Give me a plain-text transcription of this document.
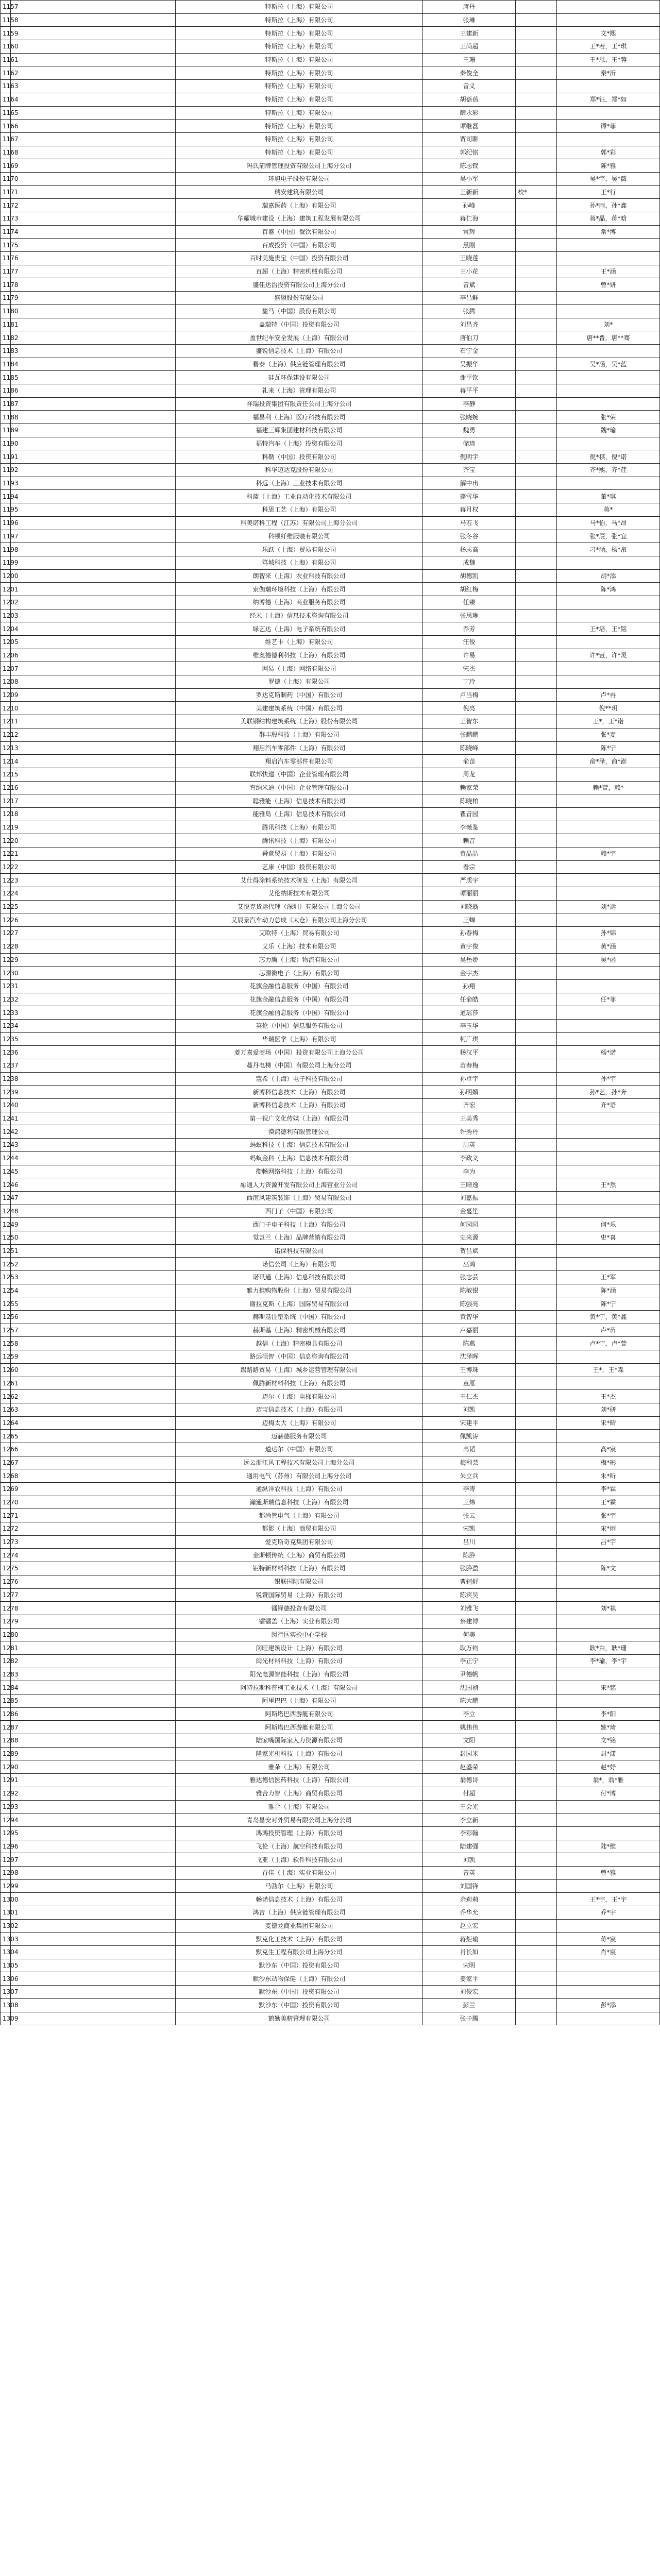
1157		特斯拉（上海）有限公司	唐丹		
1158		特斯拉（上海）有限公司	张琳		
1159		特斯拉（上海）有限公司	王建新		文*熙
1160		特斯拉（上海）有限公司	王尚超		王*若，王*琪
1161		特斯拉（上海）有限公司	王珊		王*恩，王*蓉
1162		特斯拉（上海）有限公司	秦俊全		秦*沂
1163		特斯拉（上海）有限公司	曾义		
1164		特斯拉（上海）有限公司	胡蓓蓓		郑*钰，郑*如
1165		特斯拉（上海）有限公司	薛永彩		
1166		特斯拉（上海）有限公司	谭继磊		谭*菲
1167		特斯拉（上海）有限公司	贾司聊		
1168		特斯拉（上海）有限公司	郭纪铭		郭*彩
1169		玛氏箭牌管理投资有限公司上海分公司	陈志钗		陈*雅
1170		环旭电子股份有限公司	吴小军		吴*宇，吴*薇
1171		瑞安建筑有限公司	王新新	校*	王*行
1172		瑞嘉医药（上海）有限公司	孙峰		孙*雨，孙*鑫
1173		华耀城市建设（上海）建筑工程发展有限公司	蒋仁海		蒋*晶，蒋*晗
1174		百盛（中国）餐饮有限公司	常辉		常*博
1175		百成投资（中国）有限公司	黑刚		
1176		百时美施贵宝（中国）投资有限公司	王晓莲		
1177		百超（上海）精密机械有限公司	王小花		王*涵
1178		盛佳达治投资有限公司上海分公司	曾斌		曾*妍
1179		盛盟股份有限公司	李昌鲜		
1180		盐马（中国）股份有限公司	张腾		
1181		盖瑞特（中国）投资有限公司	刘昌齐		刘*
1182		盖世纪车安全发展（上海）有限公司	唐伯刀		唐**晋，唐**骞
1183		盛锐信息技术（上海）有限公司	石宁金		
1184		碧泰（上海）供应链管理有限公司	吴振华		吴*涵，吴*蓝
1185		硅瓦环保建设有限公司	谢平钦		
1186		礼来（上海）管理有限公司	蒋平平		
1187		祥瑞投资集团有限责任公司上海分公司	李静		
1188		福昌利（上海）医疗科技有限公司	张晓婉		张*荣
1189		福建三辉集团建材科技有限公司	魏勇		魏*瑜
1190		福特汽车（上海）投资有限公司	储琦		
1191		科勒（中国）投资有限公司	倪明宇		倪*棋，倪*诺
1192		科华迈达克股份有限公司	齐宝		齐*熙，齐*荏
1193		科远（上海）工业技术有限公司	解中出		
1194		科蓝（上海）工业自动化技术有限公司	蓬雪华		董*琪
1195		科思工艺（上海）有限公司	蒋月权		蒋*
1196		科美诺科工程（江苏）有限公司上海分公司	马若飞		马*怡，马*昂
1197		科顿纤维服装有限公司	张冬谷		张*辰，张*宜
1198		乐跃（上海）贸易有限公司	杨志高		刁*涵，杨*帛
1199		笃城科技（上海）有限公司	成魏		
1200		朗智来（上海）农业科技有限公司	胡德凯		胡*添
1201		索伽瑞环境科技（上海）有限公司	胡红梅		陈*鸿
1202		纳博德（上海）商业服务有限公司	任臻		
1203		经未（上海）信息技术咨询有限公司	张思琳		
1204		绿艺达（上海）电子系统有限公司	乔芳		王*培，王*铭
1205		维艺卡（上海）有限公司	汪俊		
1206		维奥德德利科技（上海）有限公司	许易		许*萱，许*灵
1207		网易（上海）网络有限公司	宋杰		
1208		罗德（上海）有限公司	丁玲		
1209		罗达克斯制药（中国）有限公司	卢当梅		卢*冉
1210		美建建筑系统（中国）有限公司	倪亮		倪**玥
1211		美联钢结构建筑系统（上海）股份有限公司	王智东		王*，王*诺
1212		群丰殷科技（上海）有限公司	张鹏鹏		张*麦
1213		翔启汽车零部件（上海）有限公司	陈晓峰		陈*宁
1214		翔启汽车零部件有限公司	俞苗		俞*泽，俞*澎
1215		联邦快递（中国）企业管理有限公司	周龙		
1216		育纳米迪（中国）企业管理有限公司	赖家荣		赖*萱，赖*
1217		聪雅能（上海）信息技术有限公司	陈晓柏		
1218		能雅岛（上海）信息技术有限公司	瞿昔园		
1219		腾讯科技（上海）有限公司	李薇鉴		
1220		腾讯科技（上海）有限公司	赖音		
1221		舜意贸易（上海）有限公司	黄晶晶		赖*宇
1222		艺康（中国）投资有限公司	看宗		
1223		艾仕得涂料系统技术研发（上海）有限公司	严质宇		
1224		艾伦纳斯技术有限公司	谭丽丽		
1225		艾悦克货运代理（深圳）有限公司上海分公司	刘晓翁		刘*运
1226		艾辰景汽车动力总成（太仓）有限公司上海分公司	王蝉		
1227		艾欧特（上海）贸易有限公司	孙春梅		孙*锦
1228		艾乐（上海）技术有限公司	黄宇俊		黄*涵
1229		芯力腾（上海）物流有限公司	吴岳娇		吴*函
1230		芯源微电子（上海）有限公司	金宇杰		
1231		花旗金融信息服务（中国）有限公司	孙翔		
1232		花旗金融信息服务（中国）有限公司	任俞皓		任*菲
1233		花旗金融信息服务（中国）有限公司	道瑶莎		
1234		英伦（中国）信息服务有限公司	李玉华		
1235		华瑞医学（上海）有限公司	柯广琪		
1236		菱万嘉爱商场（中国）投资有限公司上海分公司	杨汉平		杨*诺
1237		蔓丹电梯（中国）有限公司上海分公司	苗春梅		
1238		蔻希（上海）电子科技有限公司	孙卓宇		孙*宇
1239		新博科信息技术（上海）有限公司	孙明媚		孙*艺，孙*奔
1240		新博科信息技术（上海）有限公司	齐宏		齐*语
1241		第一视广文化传媒（上海）有限公司	王美秀		
1242		漠鸿德利有限管理公司	许秀丹		
1243		蚂蚁科技（上海）信息技术有限公司	周英		
1244		蚂蚁金科（上海）信息技术有限公司	李政义		
1245		衡畅网络科技（上海）有限公司	李为		
1246		融通人力资源开发有限公司上海营业分公司	王晴逸		王*然
1247		西南风建筑装饰（上海）贸易有限公司	刘嘉振		
1248		西门子（中国）有限公司	金蔓笙		
1249		西门子电子科技（上海）有限公司	何园园		何*乐
1250		觉岂兰（上海）品牌营销有限公司	史来源		史*喜
1251		诺保科技有限公司	贺吕斌		
1252		诺信公司（上海）有限公司	巫鸿		
1253		诺讯通（上海）信息科技有限公司	张志芸		王*军
1254		雅力推购物股份（上海）贸易有限公司	陈敏银		陈*涵
1255		谢拉克斯（上海）国际贸易有限公司	陈强亮		陈*宁
1256		赫斯基注塑系统（中国）有限公司	黄智华		黄*宁，黄*鑫
1257		赫斯基（上海）精密机械有限公司	卢嘉丽		卢*苗
1258		越信（上海）精密模具有限公司	陈燕		卢*宁，卢*萱
1259		路远硕智（中国）信息咨询有限公司	沈泽晖		
1260		踢路路贸易（上海）城乡运营管理有限公司	王博珠		王*，王*森
1261		佩腾新材料科技（上海）有限公司	童雁		
1262		迈尔（上海）电梯有限公司	王仁杰		王*杰
1263		迈宝信息技术（上海）有限公司	刘凯		刘*研
1264		迈梅太大（上海）有限公司	宋建平		宋*晴
1265		迈赫德服务有限公司	佩凯涛		
1266		道达尔（中国）有限公司	高韬		高*宸
1267		远云浙江风工程技术有限公司上海分公司	梅利芸		梅*彬
1268		通用电气（苏州）有限公司上海分公司	朱立兵		朱*昕
1269		通纵洋农科技（上海）有限公司	李涛		李*霖
1270		瀚通斯瑞信息科技（上海）有限公司	王炜		王*霖
1271		都尚管电气（上海）有限公司	张云		张*宇
1272		都影（上海）商贸有限公司	宋凯		宋*雨
1273		爱克斯奇克集团有限公司	吕川		吕*宇
1274		金斯顿传统（上海）商贸有限公司	陈肸		
1275		钜特新材料科技（上海）有限公司	张肸盈		陈*文
1276		银联国际有限公司	曹轲舒		
1277		锐赞国际贸易（上海）有限公司	陈宾吴		
1278		镭铎德投资有限公司	刘雅飞		刘*祺
1279		镭镭盖（上海）实业有限公司	蔡建博		
1280		闵行区实验中心学校	何美		
1281		闵旺建筑设计（上海）有限公司	耿万钧		耿*白，耿*珊
1282		闽光材料科技（上海）有限公司	李正宁		李*瑜，李*宇
1283		阳光电源智能科技（上海）有限公司	尹德帆		
1284		阿特拉斯科普柯工业技术（上海）有限公司	沈国祯		宋*铭
1285		阿里巴巴（上海）有限公司	陈大鹏		
1286		阿斯塔巴西游艇有限公司	李立		李*阳
1287		阿斯塔巴西游艇有限公司	姚伟伟		姚*琦
1288		陆家嘴国际家人力资源有限公司	文阳		文*铭
1289		隆家光机科技（上海）有限公司	封园米		封*潇
1290		雅朵（上海）有限公司	赵盛荣		赵*妤
1291		雅达德信医药科技（上海）有限公司	翁德诗		翁*，翁*雅
1292		雅合力智（上海）商贸有限公司	付超		付*博
1293		雅合（上海）有限公司	王会光		
1294		青岛昌安对外贸易有限公司上海分公司	李立新		
1295		鸿鸿投资管理（上海）有限公司	李彩翰		
1296		飞伦（上海）航空科技有限公司	陆建强		陆*维
1297		飞亚（上海）软件科技有限公司	刘凯		
1298		首佳（上海）实业有限公司	曾英		曾*雅
1299		马勃尔（上海）有限公司	刘国锋		
1300		畅诺信息技术（上海）有限公司	余莉莉		王*宇，王*宇
1301		鸿吉（上海）供应链管理有限公司	乔华允		乔*宇
1302		麦德龙商业集团有限公司	赵立宏		
1303		默克化工技术（上海）有限公司	蒋炬瑜		蒋*宸
1304		默克生工程有限公司上海分公司	肖长如		肖*宸
1305		默沙东（中国）投资有限公司	宋明		
1306		默沙东动物保健（上海）有限公司	姜家平		
1307		默沙东（中国）投资有限公司	刘俊宏		
1308		默沙东（中国）投资有限公司	彭兰		彭*添
1309		鹤勤美精管理有限公司	张子腾		
